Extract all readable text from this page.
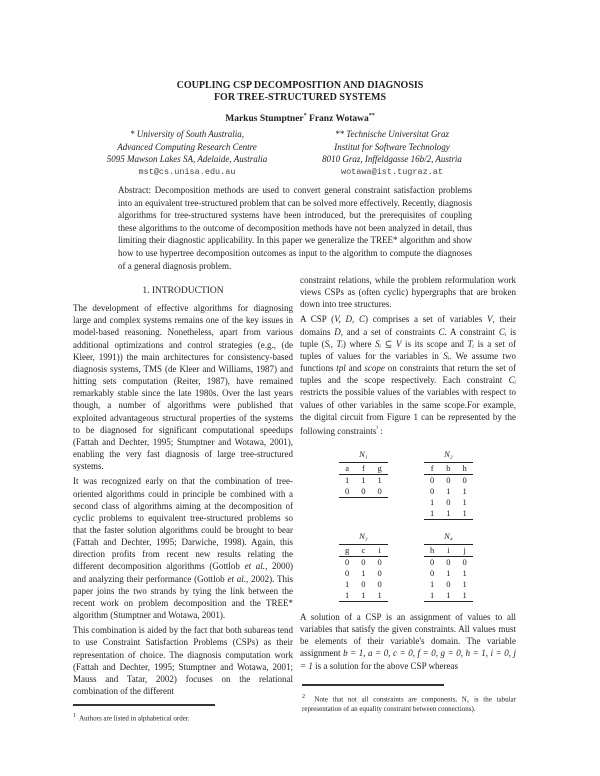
COUPLING CSP DECOMPOSITION AND DIAGNOSIS
FOR TREE-STRUCTURED SYSTEMS
Markus Stumptner* Franz Wotawa**
* University of South Australia,
Advanced Computing Research Centre
5095 Mawson Lakes SA, Adelaide, Australia
mst@cs.unisa.edu.au
** Technische Universitat Graz
Institut for Software Technology
8010 Graz, Inffeldgasse 16b/2, Austria
wotawa@ist.tugraz.at
Abstract: Decomposition methods are used to convert general constraint satisfaction problems into an equivalent tree-structured problem that can be solved more effectively. Recently, diagnosis algorithms for tree-structured systems have been introduced, but the prerequisites of coupling these algorithms to the outcome of decomposition methods have not been analyzed in detail, thus limiting their diagnostic applicability. In this paper we generalize the TREE* algorithm and show how to use hypertree decomposition outcomes as input to the algorithm to compute the diagnoses of a general diagnosis problem.
1. INTRODUCTION

The development of effective algorithms for diagnosing large and complex systems remains one of the key issues in model-based reasoning. Nonetheless, apart from various additional optimizations and control strategies (e.g., (de Kleer, 1991)) the main architectures for consistency-based diagnosis systems, TMS (de Kleer and Williams, 1987) and hitting sets computation (Reiter, 1987), have remained remarkably stable since the late 1980s. Over the last years though, a number of algorithms were published that exploited advantageous structural properties of the systems to be diagnosed for significant computational speedups (Fattah and Dechter, 1995; Stumptner and Wotawa, 2001), enabling the very fast diagnosis of large tree-structured systems.

It was recognized early on that the combination of tree-oriented algorithms could in principle be combined with a second class of algorithms aiming at the decomposition of cyclic problems to equivalent tree-structured problems so that the faster solution algorithms could be brought to bear (Fattah and Dechter, 1995; Darwiche, 1998). Again, this direction profits from recent new results relating the different decomposition algorithms (Gottlob et al., 2000) and analyzing their performance (Gottlob et al., 2002). This paper joins the two strands by tying the link between the recent work on problem decomposition and the TREE* algorithm (Stumptner and Wotawa, 2001).

This combination is aided by the fact that both subareas tend to use Constraint Satisfaction Problems (CSPs) as their representation of choice. The diagnosis computation work (Fattah and Dechter, 1995; Stumptner and Wotawa, 2001; Mauss and Tatar, 2002) focuses on the relational combination of the different

$^1$ Authors are listed in alphabetical order.

constraint relations, while the problem reformulation work views CSPs as (often cyclic) hypergraphs that are broken down into tree structures.

A CSP (V, D, C) comprises a set of variables V, their domains D, and a set of constraints C. A constraint Cᵢ is tuple (Sᵢ, Tᵢ) where Sᵢ ⊆ V is its scope and Tᵢ is a set of tuples of values for the variables in Sᵢ. We assume two functions tpl and scope on constraints that return the set of tuples and the scope respectively. Each constraint Cᵢ restricts the possible values of the variables with respect to values of other variables in the same scope.For example, the digital circuit from Figure 1 can be represented by the following constraints$^{^2}$ :

N₁
a	f	g
1	1	1
0	0	0
N₂
f	b	h
0	0	0
0	1	1
1	0	1
1	1	1
N₃
g	c	i
0	0	0
0	1	0
1	0	0
1	1	1
N₄
h	i	j
0	0	0
0	1	1
1	0	1
1	1	1
A solution of a CSP is an assignment of values to all variables that satisfy the given constraints. All values must be elements of their variable's domain. The variable assignment b = 1, a = 0, c = 0, f = 0, g = 0, h = 1, i = 0, j = 1 is a solution for the above CSP whereas
$^2$ Note that not all constraints are components, N₁ is the tabular representation of an equality constraint between connections).
